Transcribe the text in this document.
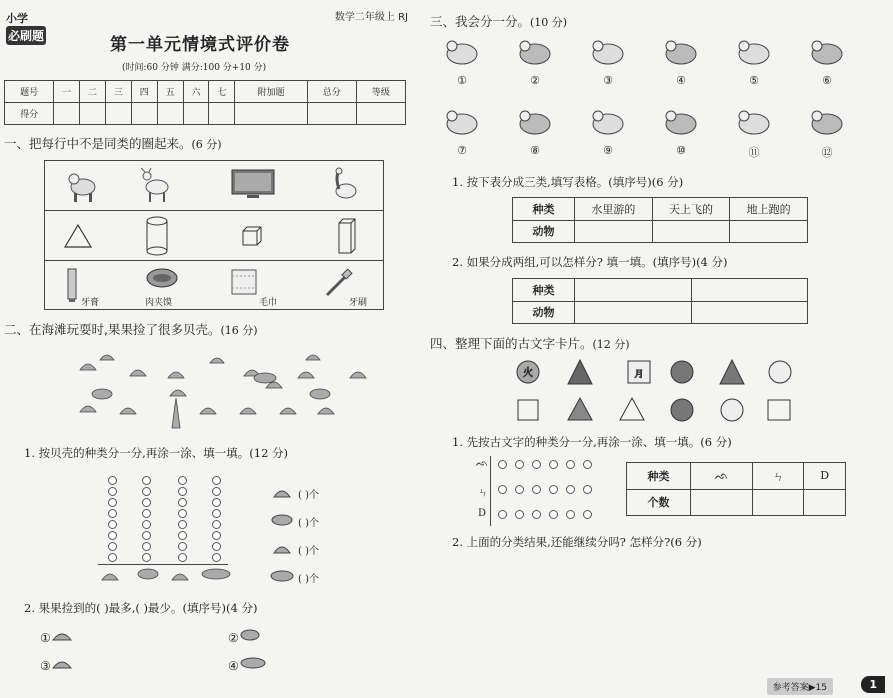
小学
必刷题
数学二年级上 RJ
第一单元情境式评价卷
(时间:60 分钟 满分:100 分+10 分)
题号	一	二	三	四	五	六	七	附加题	总分	等级
得分										
一、把每行中不是同类的圈起来。(6 分)
牙膏	肉夹馍	毛巾	牙刷
二、在海滩玩耍时,果果捡了很多贝壳。(16 分)
1. 按贝壳的种类分一分,再涂一涂、填一填。(12 分)
( )个
( )个
( )个
( )个
2. 果果捡到的( )最多,( )最少。(填序号)(4 分)
①	②
③	④
三、我会分一分。(10 分)
①	②	③	④	⑤	⑥
⑦	⑧	⑨	⑩	⑪	⑫
1. 按下表分成三类,填写表格。(填序号)(6 分)
种类	水里游的	天上飞的	地上跑的
动物			
2. 如果分成两组,可以怎样分? 填一填。(填序号)(4 分)
种类		
动物		
四、整理下面的古文字卡片。(12 分)
火	月
1. 先按古文字的种类分一分,再涂一涂、填一填。(6 分)
ᨒ
ㄣ
D
种类	ᨒ	ㄣ	D
个数			
2. 上面的分类结果,还能继续分吗? 怎样分?(6 分)
参考答案▶15	1
